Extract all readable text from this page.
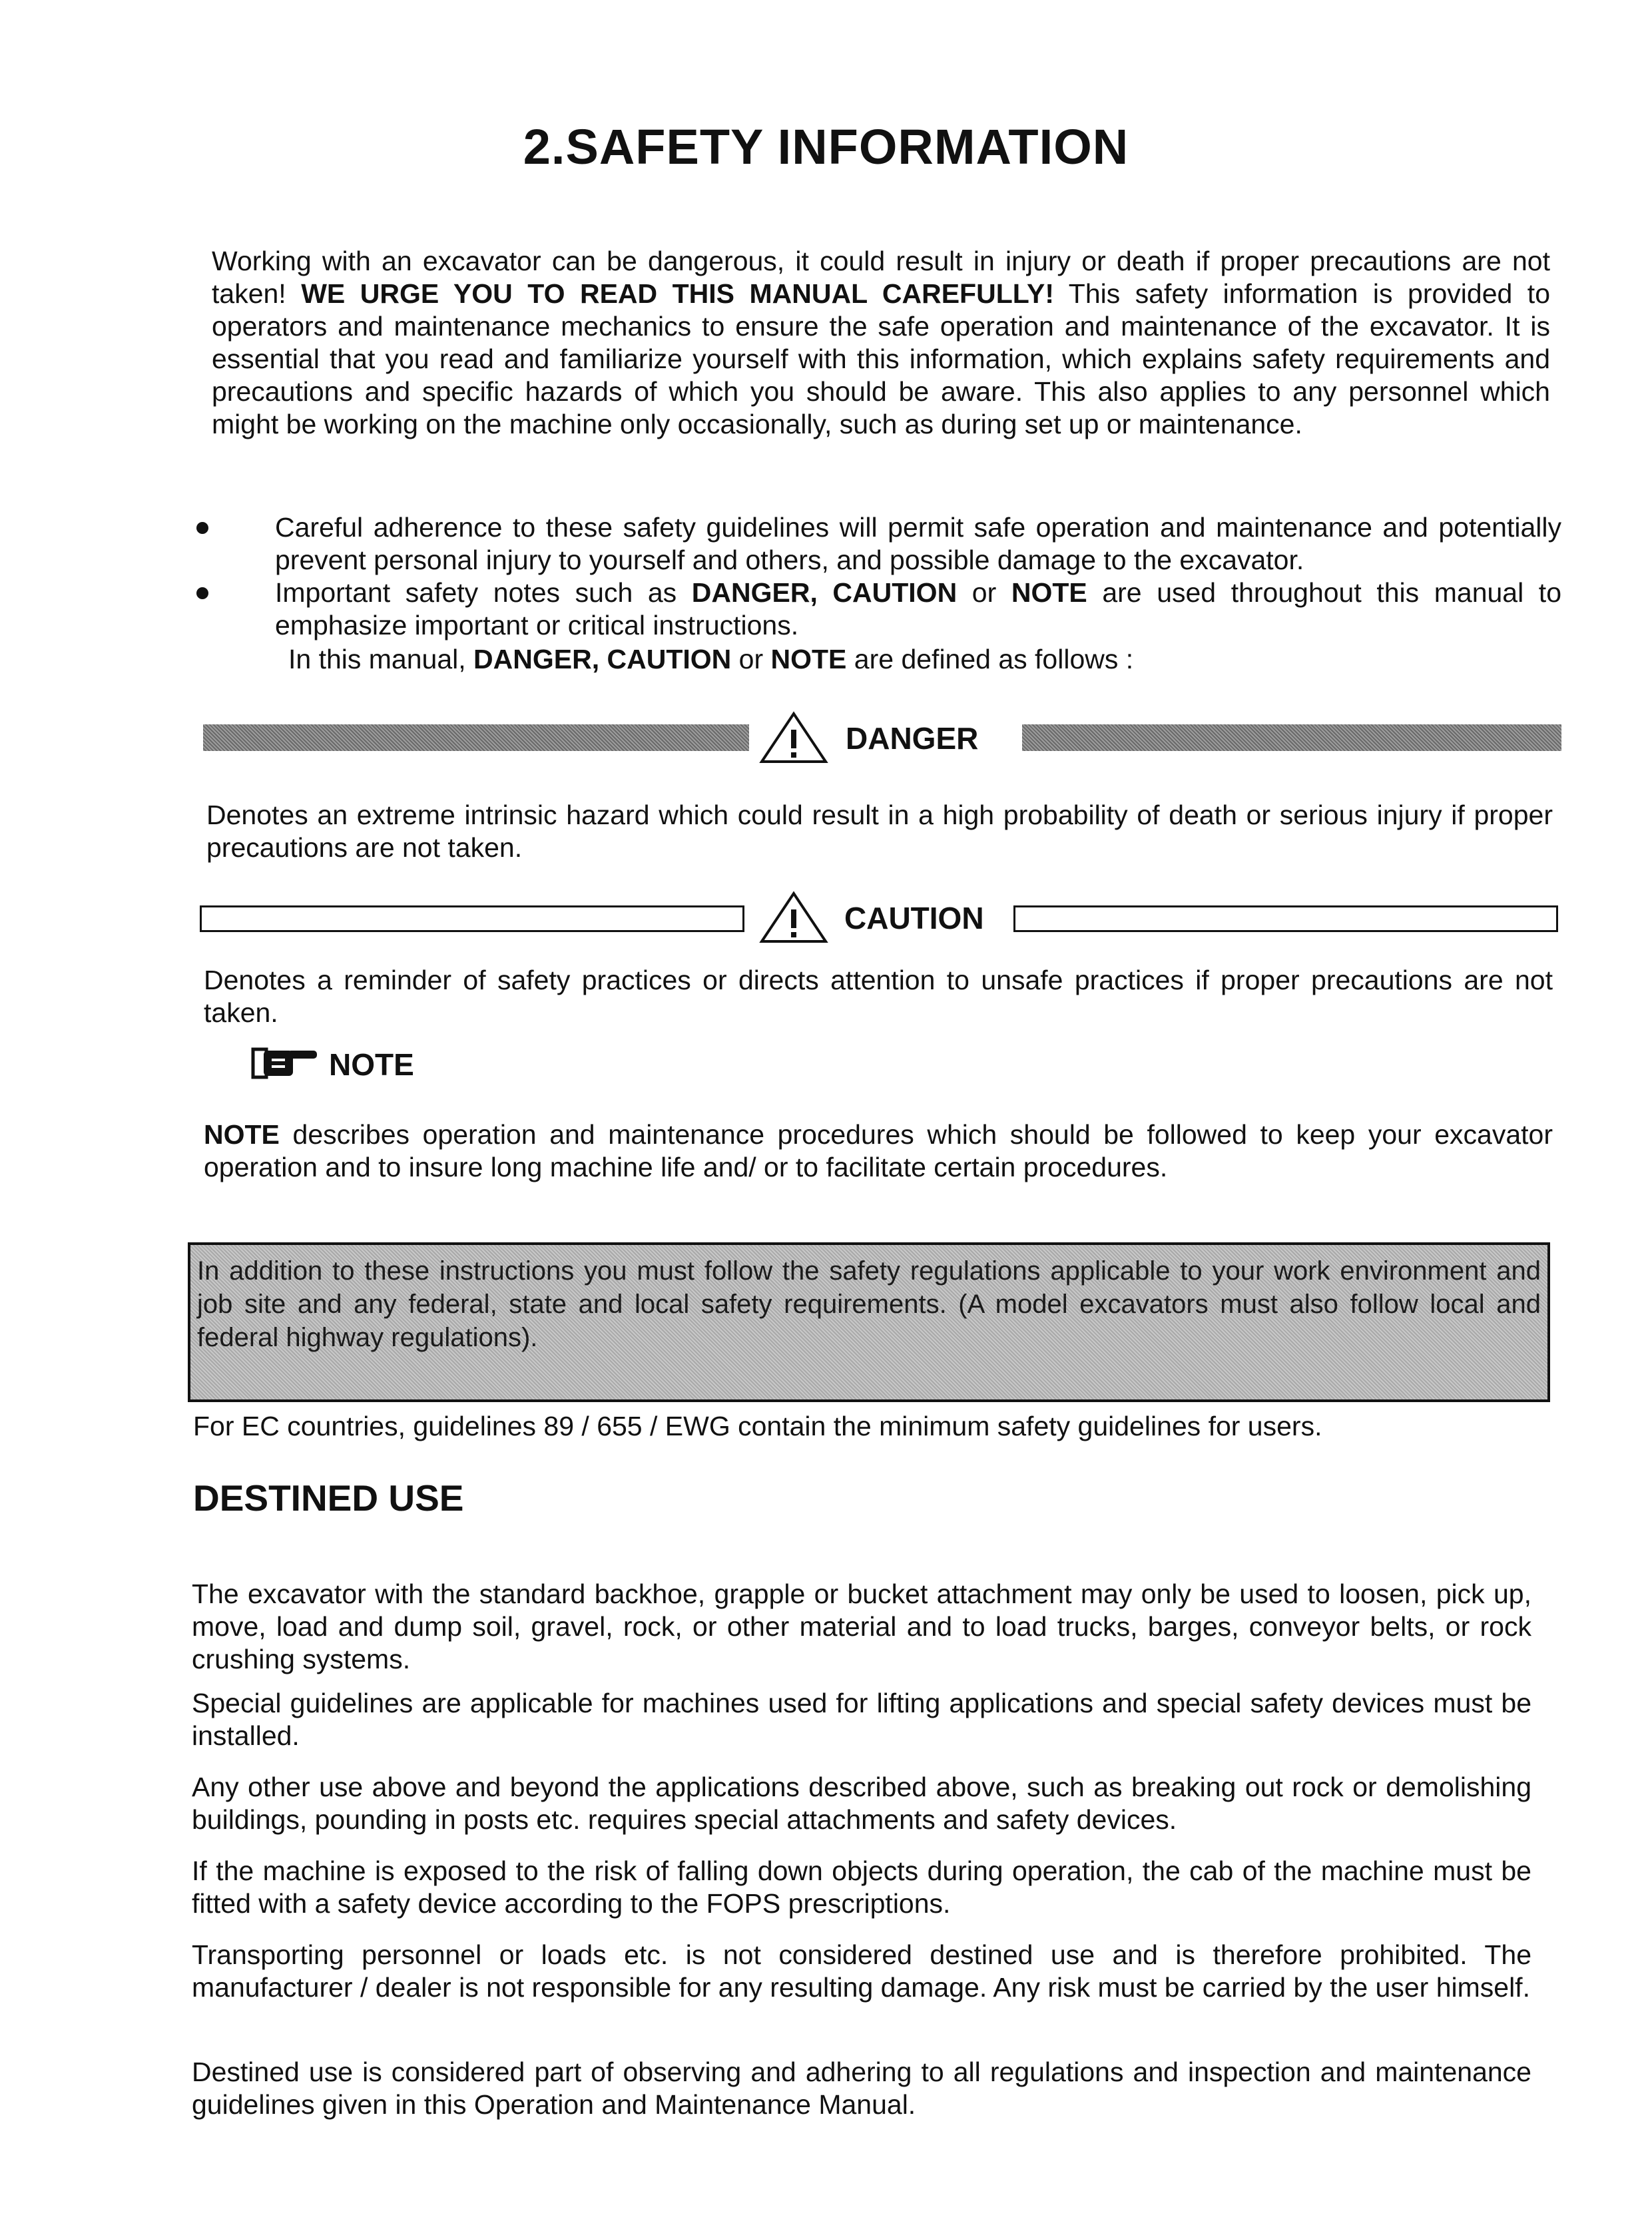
2.SAFETY INFORMATION
Working with an excavator can be dangerous, it could result in injury or death if proper precautions are not taken! WE URGE YOU TO READ THIS MANUAL CAREFULLY! This safety information is provided to operators and maintenance mechanics to ensure the safe operation and maintenance of the excavator. It is essential that you read and familiarize yourself with this information, which explains safety requirements and precautions and specific hazards of which you should be aware. This also applies to any personnel which might be working on the machine only occasionally, such as during set up or maintenance.
Careful adherence to these safety guidelines will permit safe operation and maintenance and potentially prevent personal injury to yourself and others, and possible damage to the excavator.
Important safety notes such as DANGER, CAUTION or NOTE are used throughout this manual to emphasize important or critical instructions.
In this manual, DANGER, CAUTION or NOTE are defined as follows :
DANGER
Denotes an extreme intrinsic hazard which could result in a high probability of death or serious injury if proper precautions are not taken.
CAUTION
Denotes a reminder of safety practices or directs attention to unsafe practices if proper precautions are not taken.
NOTE
NOTE describes operation and maintenance procedures which should be followed to keep your excavator operation and to insure long machine life and/ or to facilitate certain procedures.
In addition to these instructions you must follow the safety regulations applicable to your work environment and job site and any federal, state and local safety requirements. (A model excavators must also follow local and federal highway regulations).
For EC countries, guidelines 89 / 655 / EWG contain the minimum safety guidelines for users.
DESTINED USE
The excavator with the standard backhoe, grapple or bucket attachment may only be used to loosen, pick up, move, load and dump soil, gravel, rock, or other material and to load trucks, barges, conveyor belts, or rock crushing systems.
Special guidelines are applicable for machines used for lifting applications and special safety devices must be installed.
Any other use above and beyond the applications described above, such as breaking out rock or demolishing buildings, pounding in posts etc. requires special attachments and safety devices.
If the machine is exposed to the risk of falling down objects during operation, the cab of the machine must be fitted with a safety device according to the FOPS prescriptions.
Transporting personnel or loads etc. is not considered destined use and is therefore prohibited. The manufacturer / dealer is not responsible for any resulting damage. Any risk must be carried by the user himself.
Destined use is considered part of observing and adhering to all regulations and inspection and maintenance guidelines given in this Operation and Maintenance Manual.
